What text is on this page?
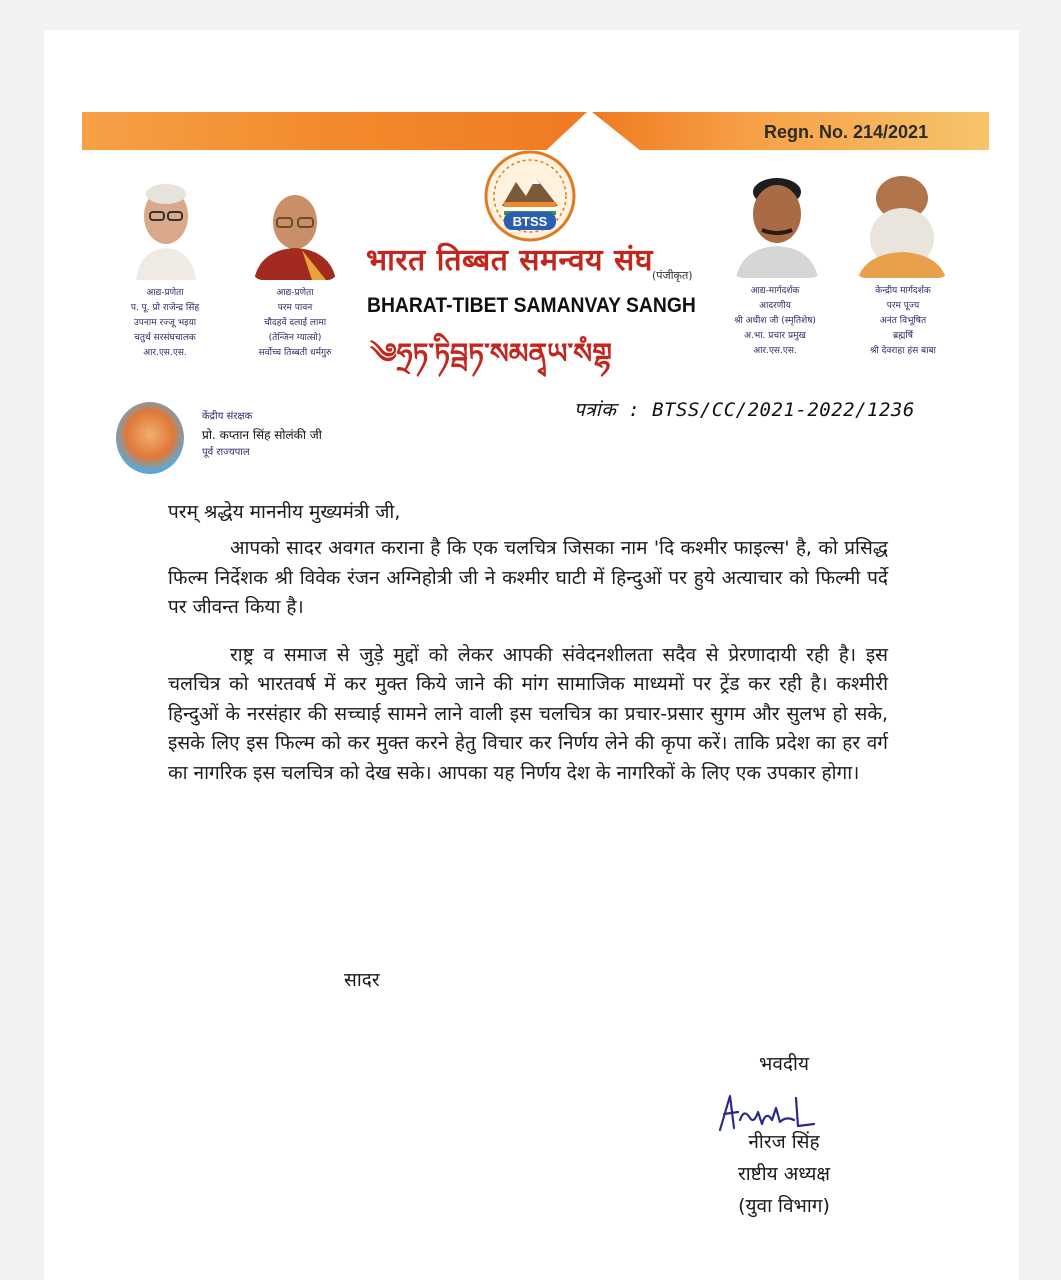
Regn. No. 214/2021
BTSS
भारत तिब्बत समन्वय संघ
(पंजीकृत)
BHARAT-TIBET SAMANVAY SANGH
༄ཧྲཏ་ཏིབྦཏ་སམནྭཡ་སཾགྷ
आद्य-प्रणेता
प. पू. प्रो राजेन्द्र सिंह
उपनाम रज्जू भइया
चतुर्थ सरसंघचालक
आर.एस.एस.
आद्य-प्रणेता
परम पावन
चौदहवें दलाई लामा
(तेन्जिन ग्यात्सो)
सर्वोच्च तिब्बती धर्मगुरु
आद्य-मार्गदर्शक
आदरणीय
श्री अधीश जी (स्मृतिशेष)
अ.भा. प्रचार प्रमुख
आर.एस.एस.
केन्द्रीय मार्गदर्शक
परम पूज्य
अनंत विभूषित
ब्रह्मर्षि
श्री देवराहा हंस बाबा
केंद्रीय संरक्षक
प्रो. कप्तान सिंह सोलंकी जी
पूर्व राज्यपाल
पत्रांक : BTSS/CC/2021-2022/1236

परम् श्रद्धेय माननीय मुख्यमंत्री जी,

आपको सादर अवगत कराना है कि एक चलचित्र जिसका नाम 'दि कश्मीर फाइल्स' है, को प्रसिद्ध फिल्म निर्देशक श्री विवेक रंजन अग्निहोत्री जी ने कश्मीर घाटी में हिन्दुओं पर हुये अत्याचार को फिल्मी पर्दे पर जीवन्त किया है।

राष्ट्र व समाज से जुड़े मुद्दों को लेकर आपकी संवेदनशीलता सदैव से प्रेरणादायी रही है। इस चलचित्र को भारतवर्ष में कर मुक्त किये जाने की मांग सामाजिक माध्यमों पर ट्रेंड कर रही है। कश्मीरी हिन्दुओं के नरसंहार की सच्चाई सामने लाने वाली इस चलचित्र का प्रचार-प्रसार सुगम और सुलभ हो सके, इसके लिए इस फिल्म को कर मुक्त करने हेतु विचार कर निर्णय लेने की कृपा करें। ताकि प्रदेश का हर वर्ग का नागरिक इस चलचित्र को देख सके। आपका यह निर्णय देश के नागरिकों के लिए एक उपकार होगा।

सादर
भवदीय
नीरज सिंह
राष्टीय अध्यक्ष
(युवा विभाग)
